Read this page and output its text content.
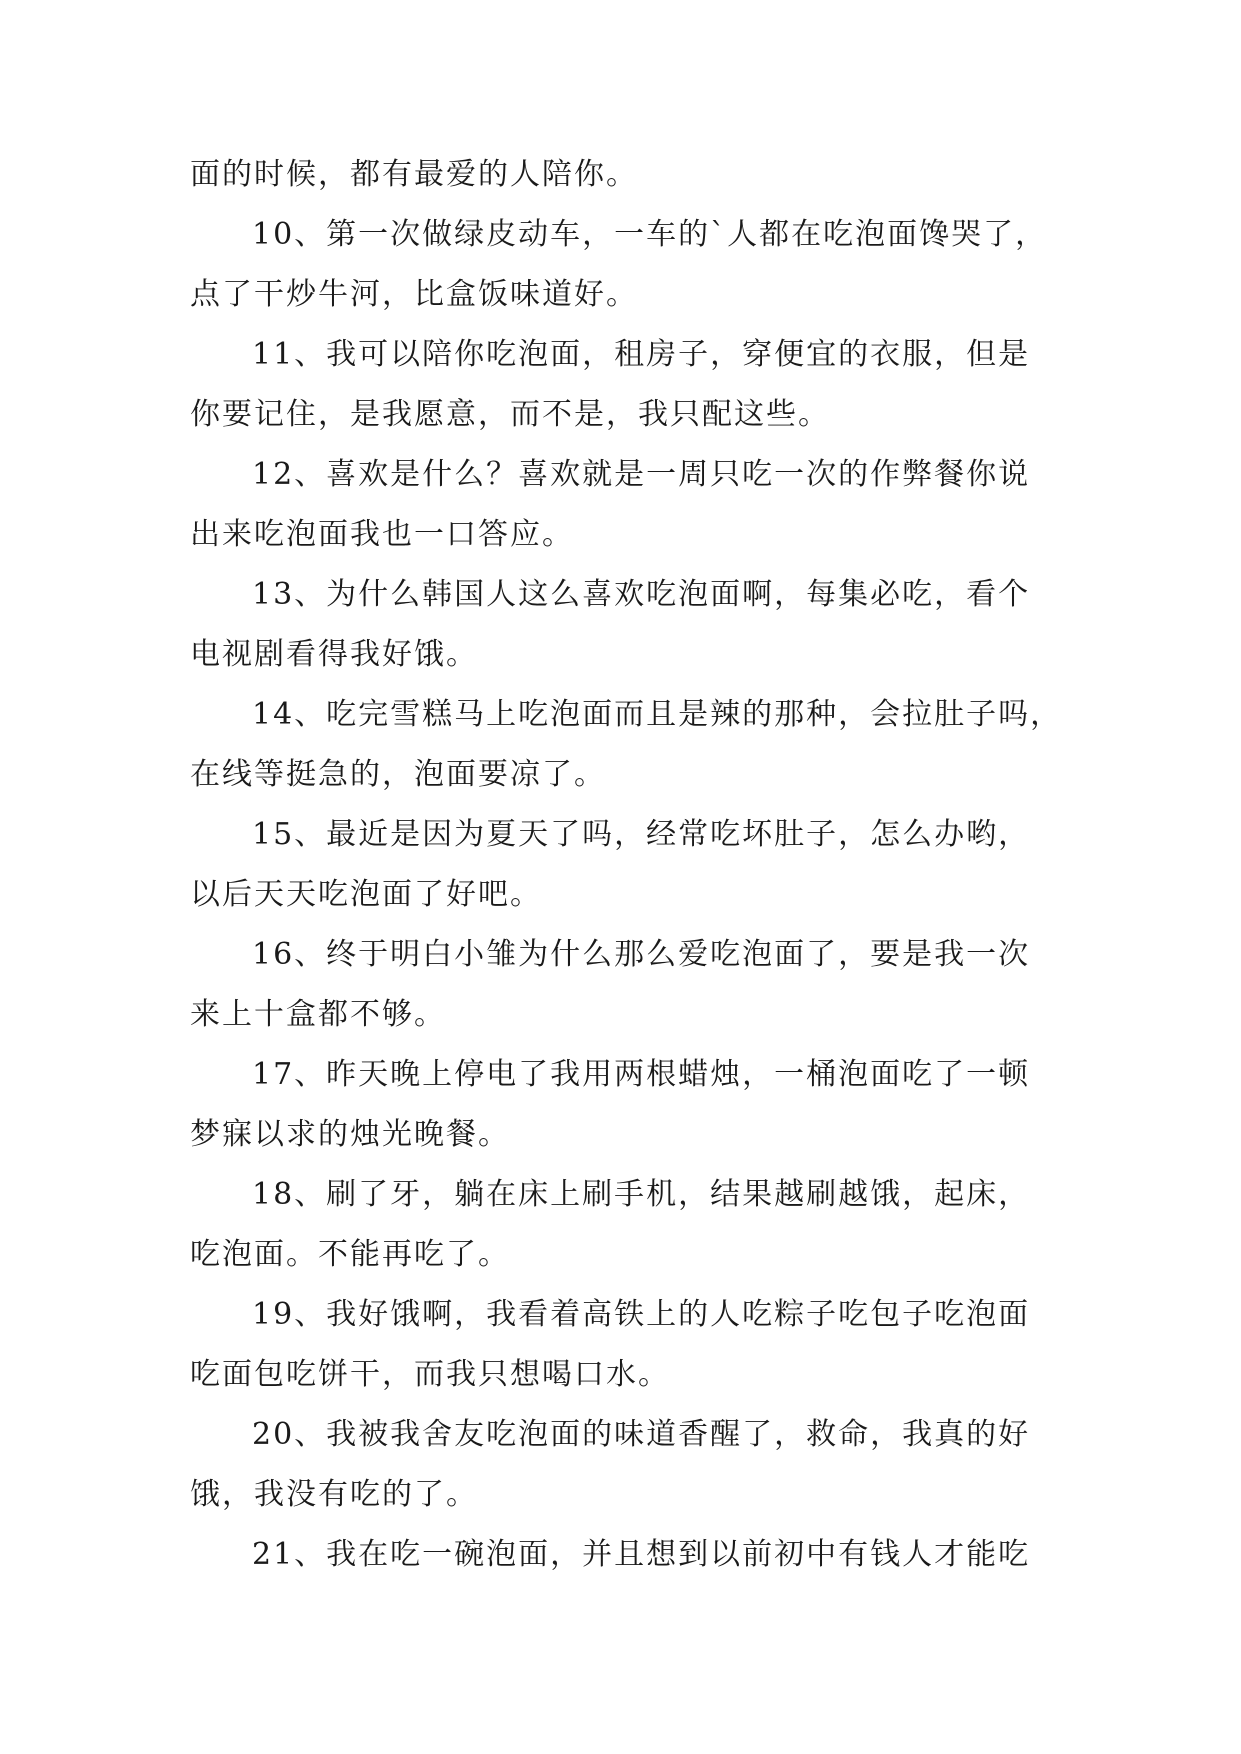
面的时候，都有最爱的人陪你。
10、第一次做绿皮动车，一车的`人都在吃泡面馋哭了，
点了干炒牛河，比盒饭味道好。
11、我可以陪你吃泡面，租房子，穿便宜的衣服，但是
你要记住，是我愿意，而不是，我只配这些。
12、喜欢是什么？喜欢就是一周只吃一次的作弊餐你说
出来吃泡面我也一口答应。
13、为什么韩国人这么喜欢吃泡面啊，每集必吃，看个
电视剧看得我好饿。
14、吃完雪糕马上吃泡面而且是辣的那种，会拉肚子吗，
在线等挺急的，泡面要凉了。
15、最近是因为夏天了吗，经常吃坏肚子，怎么办哟，
以后天天吃泡面了好吧。
16、终于明白小雏为什么那么爱吃泡面了，要是我一次
来上十盒都不够。
17、昨天晚上停电了我用两根蜡烛，一桶泡面吃了一顿
梦寐以求的烛光晚餐。
18、刷了牙，躺在床上刷手机，结果越刷越饿，起床，
吃泡面。不能再吃了。
19、我好饿啊，我看着高铁上的人吃粽子吃包子吃泡面
吃面包吃饼干，而我只想喝口水。
20、我被我舍友吃泡面的味道香醒了，救命，我真的好
饿，我没有吃的了。
21、我在吃一碗泡面，并且想到以前初中有钱人才能吃
